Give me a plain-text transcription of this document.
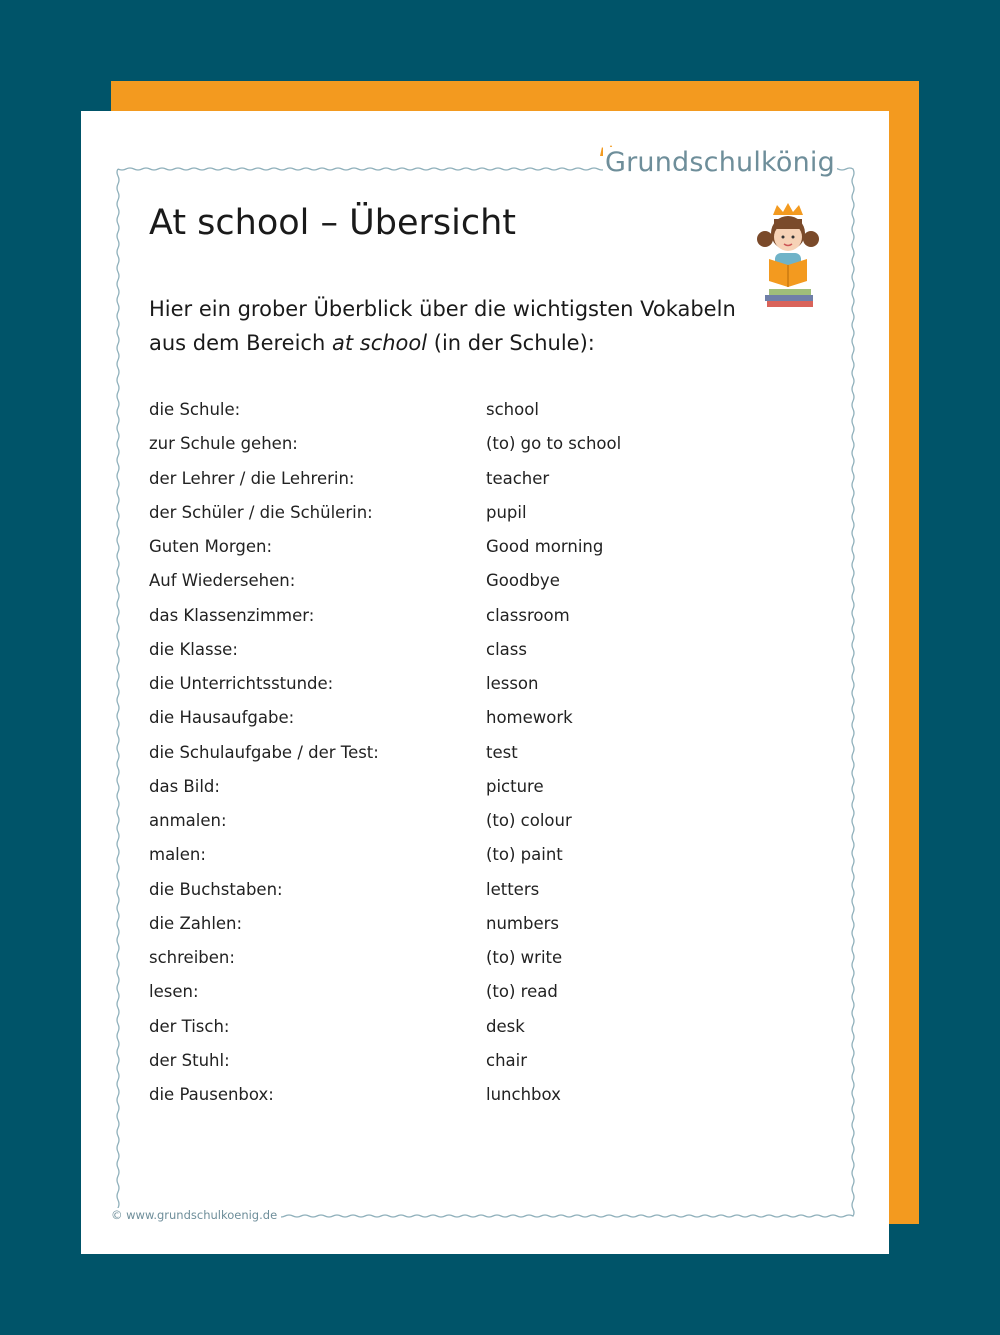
Grundschulkönig
At school – Übersicht
Hier ein grober Überblick über die wichtigsten Vokabeln aus dem Bereich at school (in der Schule):
die Schule:	school
zur Schule gehen:	(to) go to school
der Lehrer / die Lehrerin:	teacher
der Schüler / die Schülerin:	pupil
Guten Morgen:	Good morning
Auf Wiedersehen:	Goodbye
das Klassenzimmer:	classroom
die Klasse:	class
die Unterrichtsstunde:	lesson
die Hausaufgabe:	homework
die Schulaufgabe / der Test:	test
das Bild:	picture
anmalen:	(to) colour
malen:	(to) paint
die Buchstaben:	letters
die Zahlen:	numbers
schreiben:	(to) write
lesen:	(to) read
der Tisch:	desk
der Stuhl:	chair
die Pausenbox:	lunchbox
© www.grundschulkoenig.de
